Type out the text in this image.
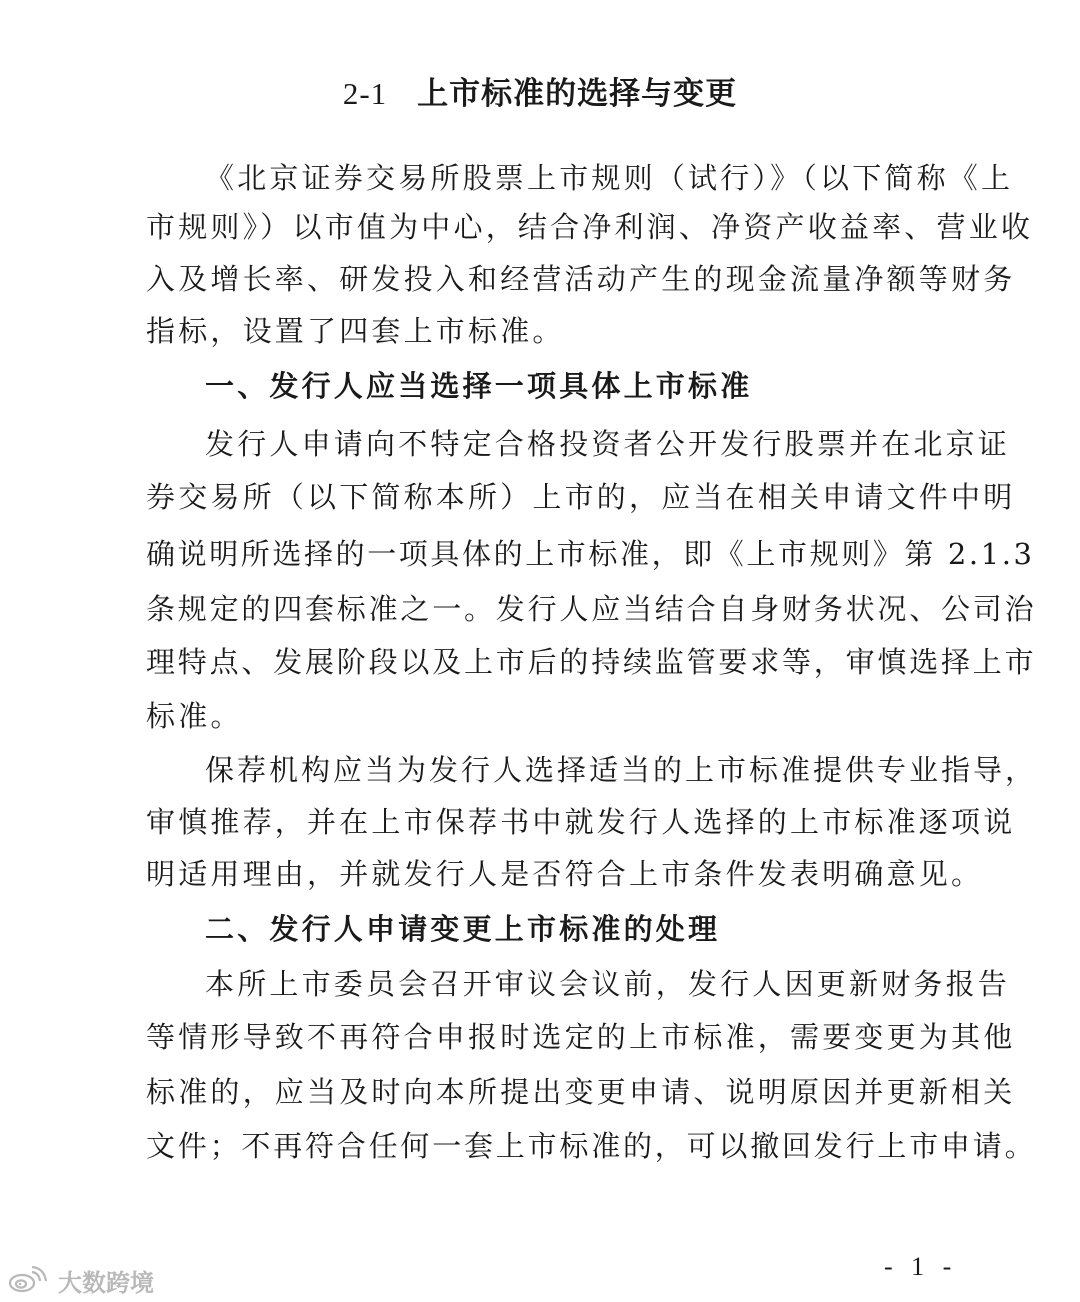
2-1 上市标准的选择与变更
《北京证券交易所股票上市规则（试行）》（以下简称《上
市规则》）以市值为中心，结合净利润、净资产收益率、营业收
入及增长率、研发投入和经营活动产生的现金流量净额等财务
指标，设置了四套上市标准。
一、发行人应当选择一项具体上市标准
发行人申请向不特定合格投资者公开发行股票并在北京证
券交易所（以下简称本所）上市的，应当在相关申请文件中明
确说明所选择的一项具体的上市标准，即《上市规则》第 2.1.3
条规定的四套标准之一。发行人应当结合自身财务状况、公司治
理特点、发展阶段以及上市后的持续监管要求等，审慎选择上市
标准。
保荐机构应当为发行人选择适当的上市标准提供专业指导，
审慎推荐，并在上市保荐书中就发行人选择的上市标准逐项说
明适用理由，并就发行人是否符合上市条件发表明确意见。
二、发行人申请变更上市标准的处理
本所上市委员会召开审议会议前，发行人因更新财务报告
等情形导致不再符合申报时选定的上市标准，需要变更为其他
标准的，应当及时向本所提出变更申请、说明原因并更新相关
文件；不再符合任何一套上市标准的，可以撤回发行上市申请。
- 1 -
大数跨境
